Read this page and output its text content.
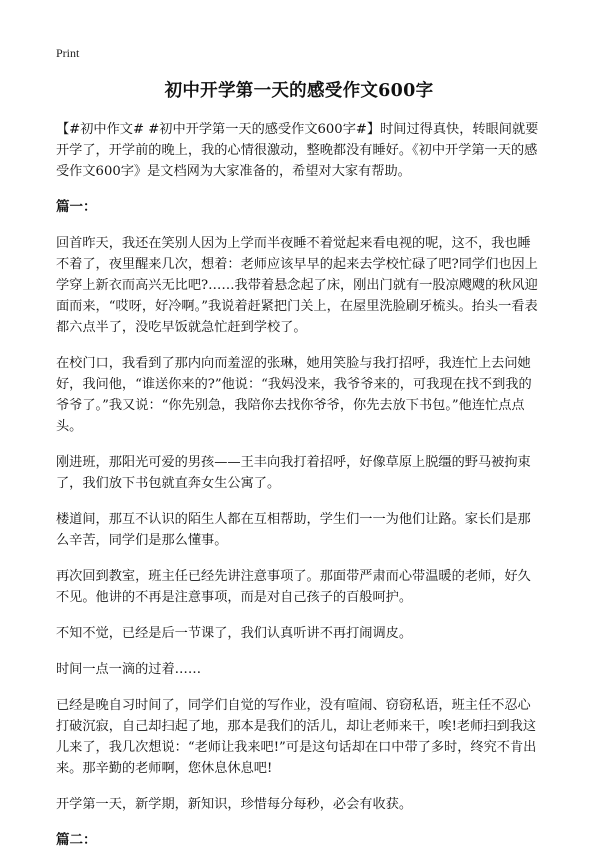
Print
初中开学第一天的感受作文600字

【#初中作文# #初中开学第一天的感受作文600字#】时间过得真快，转眼间就要开学了，开学前的晚上，我的心情很激动，整晚都没有睡好。《初中开学第一天的感受作文600字》是文档网为大家准备的，希望对大家有帮助。

篇一：

回首昨天，我还在笑别人因为上学而半夜睡不着觉起来看电视的呢，这不，我也睡不着了，夜里醒来几次，想着：老师应该早早的起来去学校忙碌了吧?同学们也因上学穿上新衣而高兴无比吧?……我带着悬念起了床，刚出门就有一股凉飕飕的秋风迎面而来，“哎呀，好冷啊。”我说着赶紧把门关上，在屋里洗脸刷牙梳头。抬头一看表都六点半了，没吃早饭就急忙赶到学校了。

在校门口，我看到了那内向而羞涩的张琳，她用笑脸与我打招呼，我连忙上去问她好，我问他，“谁送你来的?”他说：“我妈没来，我爷爷来的，可我现在找不到我的爷爷了。”我又说：“你先别急，我陪你去找你爷爷，你先去放下书包。”他连忙点点头。

刚进班，那阳光可爱的男孩——王丰向我打着招呼，好像草原上脱缰的野马被拘束了，我们放下书包就直奔女生公寓了。

楼道间，那互不认识的陌生人都在互相帮助，学生们一一为他们让路。家长们是那么辛苦，同学们是那么懂事。

再次回到教室，班主任已经先讲注意事项了。那面带严肃而心带温暖的老师，好久不见。他讲的不再是注意事项，而是对自己孩子的百般呵护。

不知不觉，已经是后一节课了，我们认真听讲不再打闹调皮。

时间一点一滴的过着……

已经是晚自习时间了，同学们自觉的写作业，没有喧闹、窃窃私语，班主任不忍心打破沉寂，自己却扫起了地，那本是我们的活儿，却让老师来干，唉!老师扫到我这儿来了，我几次想说：“老师让我来吧!”可是这句话却在口中带了多时，终究不肯出来。那辛勤的老师啊，您休息休息吧!

开学第一天，新学期，新知识，珍惜每分每秒，必会有收获。

篇二：
